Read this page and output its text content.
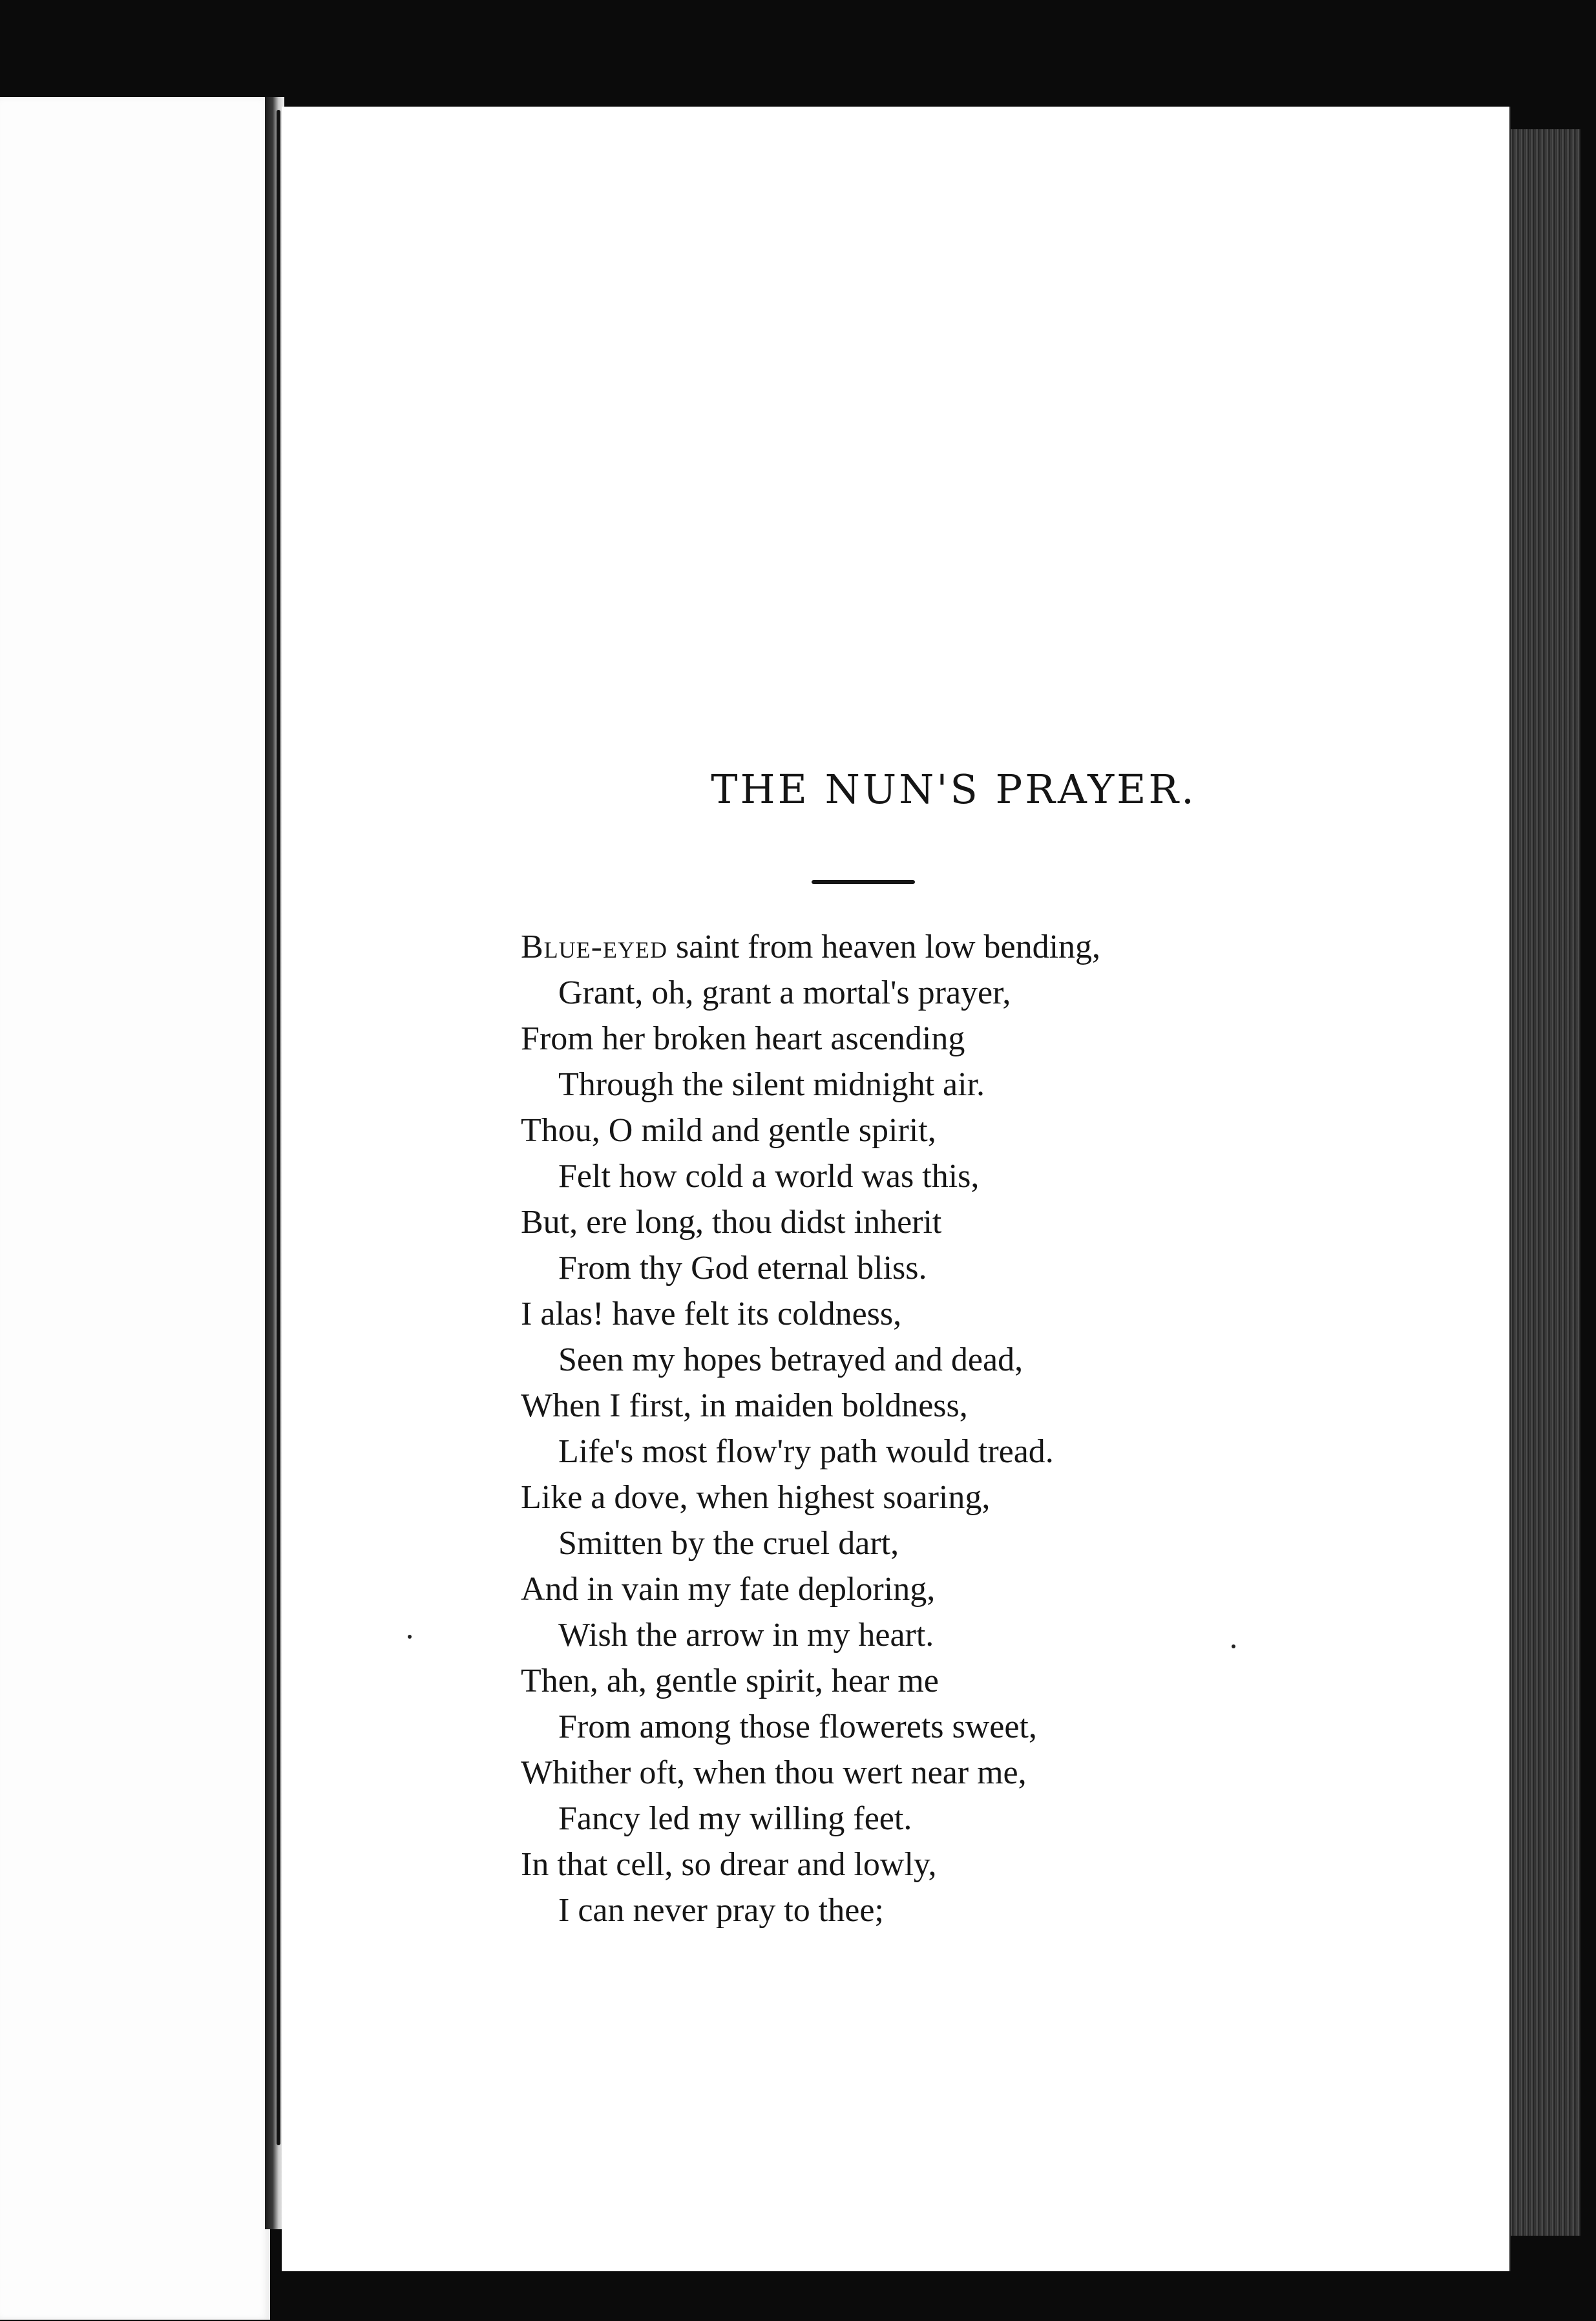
THE NUN'S PRAYER.
Blue-eyed saint from heaven low bending,
Grant, oh, grant a mortal's prayer,
From her broken heart ascending
Through the silent midnight air.
Thou, O mild and gentle spirit,
Felt how cold a world was this,
But, ere long, thou didst inherit
From thy God eternal bliss.
I alas! have felt its coldness,
Seen my hopes betrayed and dead,
When I first, in maiden boldness,
Life's most flow'ry path would tread.
Like a dove, when highest soaring,
Smitten by the cruel dart,
And in vain my fate deploring,
Wish the arrow in my heart.
Then, ah, gentle spirit, hear me
From among those flowerets sweet,
Whither oft, when thou wert near me,
Fancy led my willing feet.
In that cell, so drear and lowly,
I can never pray to thee;
